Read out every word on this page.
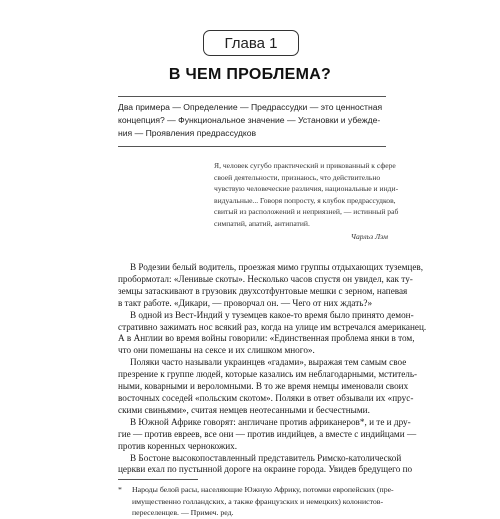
Глава 1
В ЧЕМ ПРОБЛЕМА?
Два примера — Определение — Предрассудки — это ценностная
концепция? — Функциональное значение — Установки и убежде-
ния — Проявления предрассудков
Я, человек сугубо практический и прикованный к сфере
своей деятельности, признаюсь, что действительно
чувствую человеческие различия, национальные и инди-
видуальные... Говоря попросту, я клубок предрассудков,
свитый из расположений и неприязней, — истинный раб
симпатий, апатий, антипатий.
Чарльз Лэм
В Родезии белый водитель, проезжая мимо группы отдыхающих туземцев,
пробормотал: «Ленивые скоты». Несколько часов спустя он увидел, как ту-
земцы затаскивают в грузовик двухсотфунтовые мешки с зерном, напевая
в такт работе. «Дикари, — проворчал он. — Чего от них ждать?»
В одной из Вест-Индий у туземцев какое-то время было принято демон-
стративно зажимать нос всякий раз, когда на улице им встречался американец.
А в Англии во время войны говорили: «Единственная проблема янки в том,
что они помешаны на сексе и их слишком много».
Поляки часто называли украинцев «гадами», выражая тем самым свое
презрение к группе людей, которые казались им неблагодарными, мститель-
ными, коварными и вероломными. В то же время немцы именовали своих
восточных соседей «польским скотом». Поляки в ответ обзывали их «прус-
скими свиньями», считая немцев неотесанными и бесчестными.
В Южной Африке говорят: англичане против африканеров*, и те и дру-
гие — против евреев, все они — против индийцев, а вместе с индийцами —
против коренных чернокожих.
В Бостоне высокопоставленный представитель Римско-католической
церкви ехал по пустынной дороге на окраине города. Увидев бредущего по
*	Народы белой расы, населяющие Южную Африку, потомки европейских (пре-
имущественно голландских, а также французских и немецких) колонистов-
переселенцев. — Примеч. ред.
